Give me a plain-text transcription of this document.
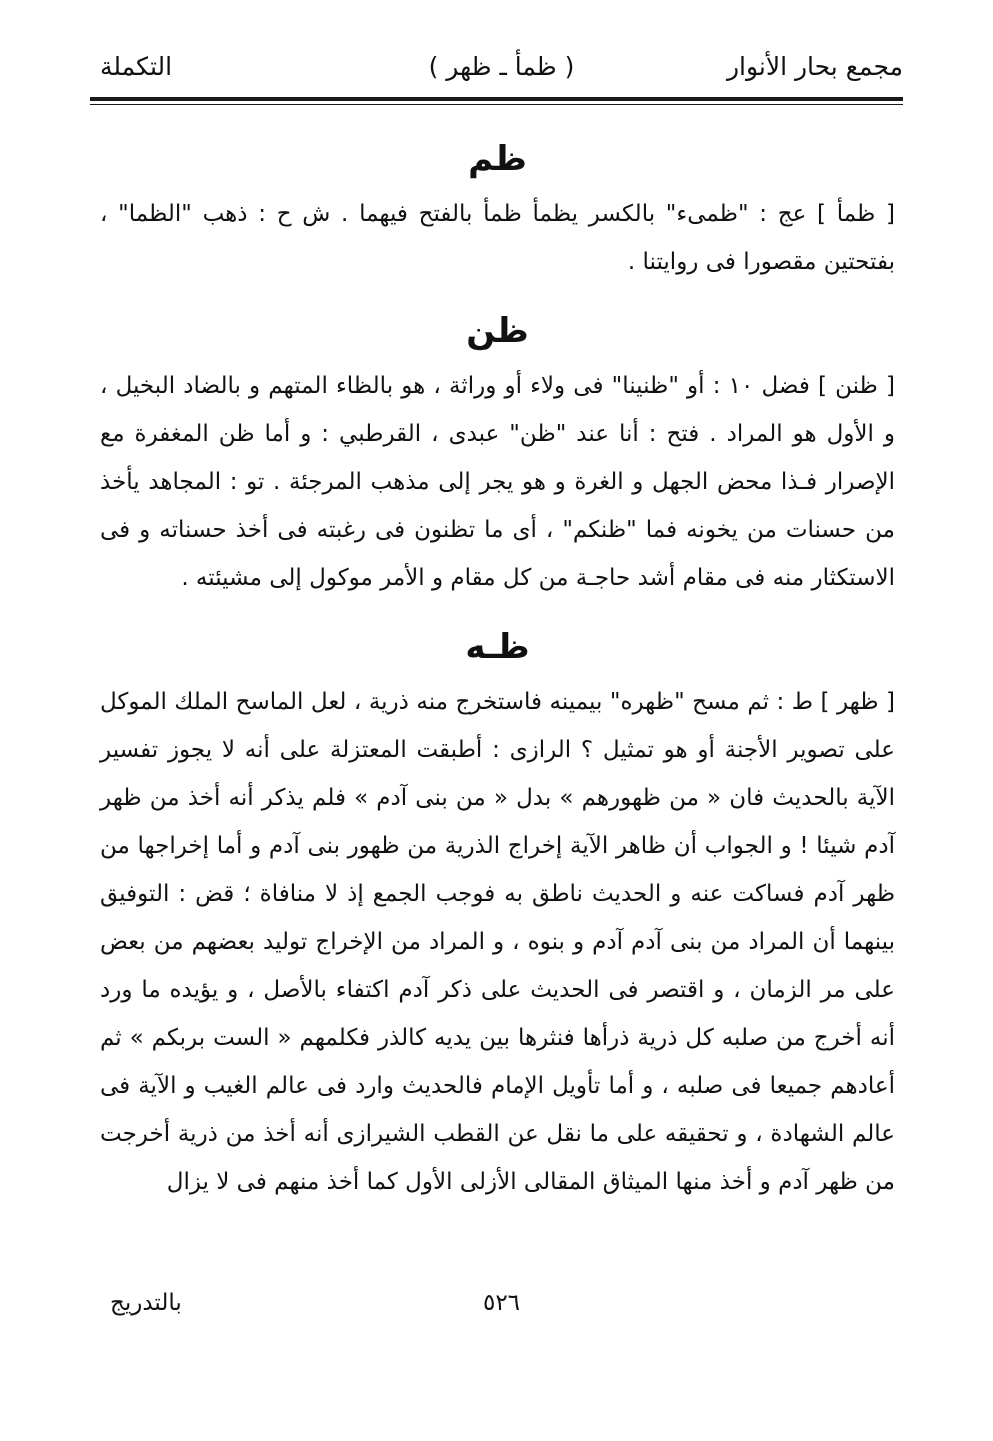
مجمع بحار الأنوار
( ظمأ ـ ظهر )
التكملة
ظم

[ ظمأ ] عج : "ظمىء" بالكسر يظمأ ظمأ بالفتح فيهما . ش ح : ذهب "الظما" ، بفتحتين مقصورا فى روايتنا .

ظن

[ ظنن ] فضل ١٠ : أو "ظنينا" فى ولاء أو وراثة ، هو بالظاء المتهم و بالضاد البخيل ، و الأول هو المراد . فتح : أنا عند "ظن" عبدى ، القرطبي : و أما ظن المغفرة مع الإصرار فـذا محض الجهل و الغرة و هو يجر إلى مذهب المرجئة . تو : المجاهد يأخذ من حسنات من يخونه فما "ظنكم" ، أى ما تظنون فى رغبته فى أخذ حسناته و فى الاستكثار منه فى مقام أشد حاجـة من كل مقام و الأمر موكول إلى مشيئته .

ظـه

[ ظهر ] ط : ثم مسح "ظهره" بيمينه فاستخرج منه ذرية ، لعل الماسح الملك الموكل على تصوير الأجنة أو هو تمثيل ؟ الرازى : أطبقت المعتزلة على أنه لا يجوز تفسير الآية بالحديث فان « من ظهورهم » بدل « من بنى آدم » فلم يذكر أنه أخذ من ظهر آدم شيئا ! و الجواب أن ظاهر الآية إخراج الذرية من ظهور بنى آدم و أما إخراجها من ظهر آدم فساكت عنه و الحديث ناطق به فوجب الجمع إذ لا منافاة ؛ قض : التوفيق بينهما أن المراد من بنى آدم آدم و بنوه ، و المراد من الإخراج توليد بعضهم من بعض على مر الزمان ، و اقتصر فى الحديث على ذكر آدم اكتفاء بالأصل ، و يؤيده ما ورد أنه أخرج من صلبه كل ذرية ذرأها فنثرها بين يديه كالذر فكلمهم « الست بربكم » ثم أعادهم جميعا فى صلبه ، و أما تأويل الإمام فالحديث وارد فى عالم الغيب و الآية فى عالم الشهادة ، و تحقيقه على ما نقل عن القطب الشيرازى أنه أخذ من ذرية أخرجت من ظهر آدم و أخذ منها الميثاق المقالى الأزلى الأول كما أخذ منهم فى لا يزال

٥٢٦
بالتدريج
